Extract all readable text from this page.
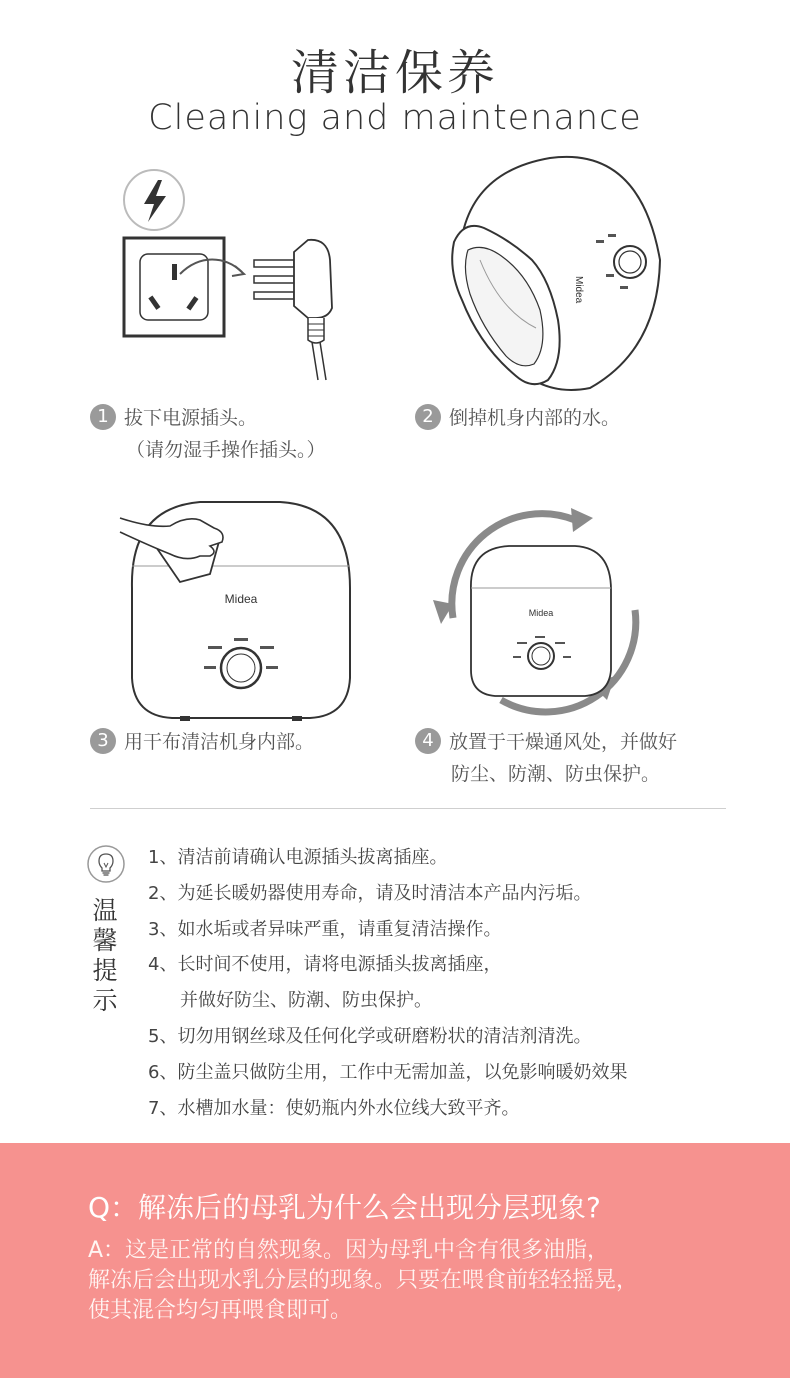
清洁保养
Cleaning and maintenance
Midea
1 拔下电源插头。
（请勿湿手操作插头。）
2 倒掉机身内部的水。
Midea
Midea
3 用干布清洁机身内部。	4 放置于干燥通风处，并做好
防尘、防潮、防虫保护。
温
馨
提
示
1、清洁前请确认电源插头拔离插座。
2、为延长暖奶器使用寿命，请及时清洁本产品内污垢。
3、如水垢或者异味严重，请重复清洁操作。
4、长时间不使用，请将电源插头拔离插座，
并做好防尘、防潮、防虫保护。
5、切勿用钢丝球及任何化学或研磨粉状的清洁剂清洗。
6、防尘盖只做防尘用，工作中无需加盖，以免影响暖奶效果
7、水槽加水量：使奶瓶内外水位线大致平齐。
Q：解冻后的母乳为什么会出现分层现象?
A：这是正常的自然现象。因为母乳中含有很多油脂，
解冻后会出现水乳分层的现象。只要在喂食前轻轻摇晃，
使其混合均匀再喂食即可。
